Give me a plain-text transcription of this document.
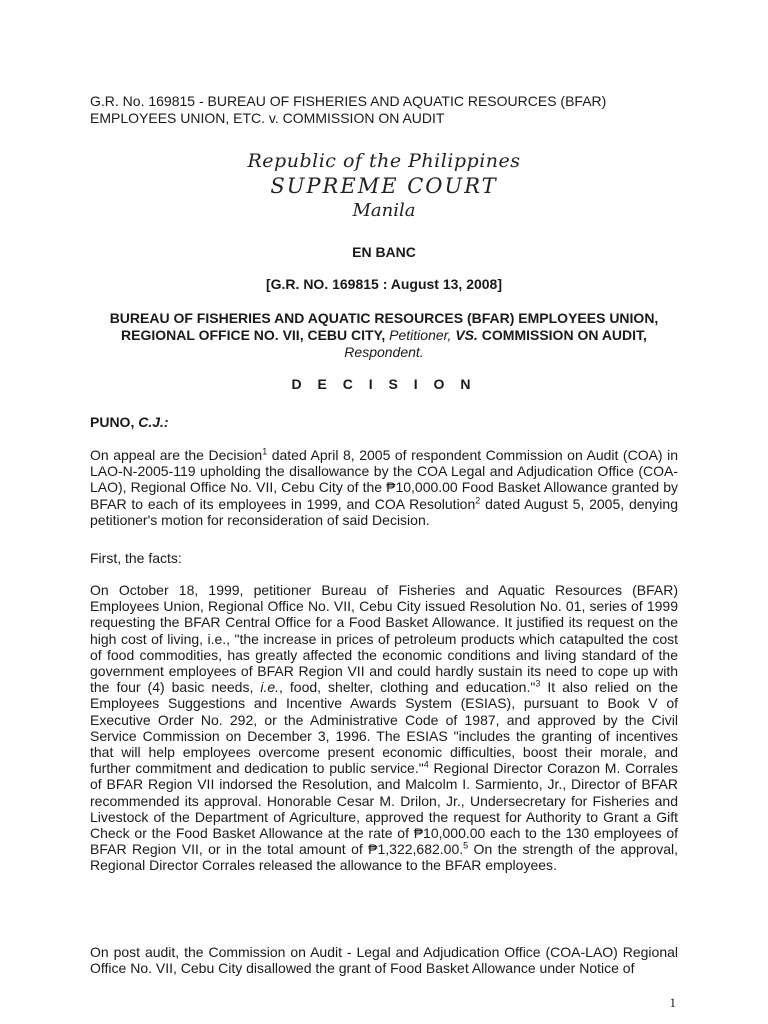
G.R. No. 169815 - BUREAU OF FISHERIES AND AQUATIC RESOURCES (BFAR)
EMPLOYEES UNION, ETC. v. COMMISSION ON AUDIT
Republic of the Philippines
SUPREME COURT
Manila
EN BANC
[G.R. NO. 169815 : August 13, 2008]
BUREAU OF FISHERIES AND AQUATIC RESOURCES (BFAR) EMPLOYEES UNION, REGIONAL OFFICE NO. VII, CEBU CITY, Petitioner, VS. COMMISSION ON AUDIT, Respondent.
D E C I S I O N
PUNO, C.J.:

On appeal are the Decision$^1$ dated April 8, 2005 of respondent Commission on Audit (COA) in LAO-N-2005-119 upholding the disallowance by the COA Legal and Adjudication Office (COA-LAO), Regional Office No. VII, Cebu City of the ₱10,000.00 Food Basket Allowance granted by BFAR to each of its employees in 1999, and COA Resolution$^2$ dated August 5, 2005, denying petitioner's motion for reconsideration of said Decision.

First, the facts:

On October 18, 1999, petitioner Bureau of Fisheries and Aquatic Resources (BFAR) Employees Union, Regional Office No. VII, Cebu City issued Resolution No. 01, series of 1999 requesting the BFAR Central Office for a Food Basket Allowance. It justified its request on the high cost of living, i.e., "the increase in prices of petroleum products which catapulted the cost of food commodities, has greatly affected the economic conditions and living standard of the government employees of BFAR Region VII and could hardly sustain its need to cope up with the four (4) basic needs, i.e., food, shelter, clothing and education."$^3$ It also relied on the Employees Suggestions and Incentive Awards System (ESIAS), pursuant to Book V of Executive Order No. 292, or the Administrative Code of 1987, and approved by the Civil Service Commission on December 3, 1996. The ESIAS "includes the granting of incentives that will help employees overcome present economic difficulties, boost their morale, and further commitment and dedication to public service."$^4$ Regional Director Corazon M. Corrales of BFAR Region VII indorsed the Resolution, and Malcolm I. Sarmiento, Jr., Director of BFAR recommended its approval. Honorable Cesar M. Drilon, Jr., Undersecretary for Fisheries and Livestock of the Department of Agriculture, approved the request for Authority to Grant a Gift Check or the Food Basket Allowance at the rate of ₱10,000.00 each to the 130 employees of BFAR Region VII, or in the total amount of ₱1,322,682.00.$^5$ On the strength of the approval, Regional Director Corrales released the allowance to the BFAR employees.

On post audit, the Commission on Audit - Legal and Adjudication Office (COA-LAO) Regional Office No. VII, Cebu City disallowed the grant of Food Basket Allowance under Notice of

1
